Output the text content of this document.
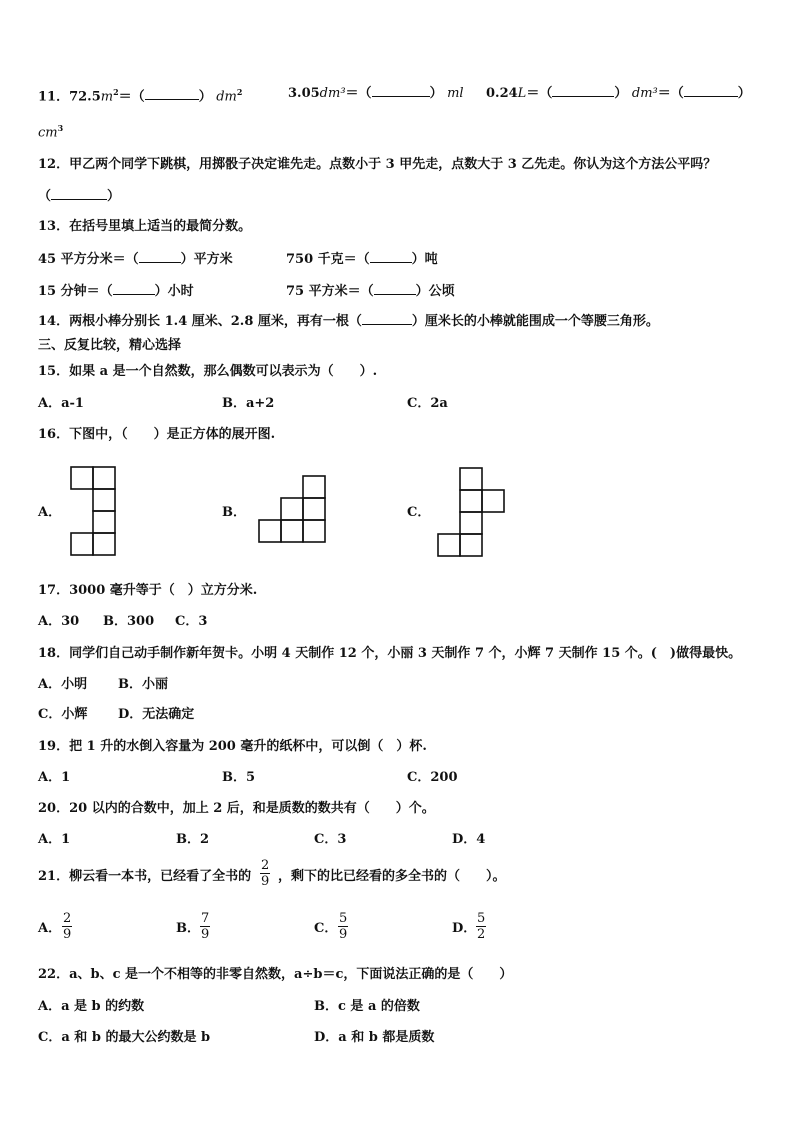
11．$72.5m^2=$（	） $dm^2$	3.05dm³＝（	） ml 0.24L＝（	） dm³＝（	）
$cm^3$
12．甲乙两个同学下跳棋，用掷骰子决定谁先走。点数小于 3 甲先走，点数大于 3 乙先走。你认为这个方法公平吗？
（	）
13．在括号里填上适当的最简分数。
45 平方分米＝（	）平方米	750 千克＝（	）吨
15 分钟＝（	）小时	75 平方米＝（	）公顷
14．两根小棒分别长 1.4 厘米、2.8 厘米，再有一根（	）厘米长的小棒就能围成一个等腰三角形。
三、反复比较，精心选择
15．如果 a 是一个自然数，那么偶数可以表示为（　　）.
A．a-1	B．a+2	C．2a
16．下图中，（　　）是正方体的展开图.
A．	B．	C．
17．3000 毫升等于（　）立方分米.
A．30 B．300 C．3
18．同学们自己动手制作新年贺卡。小明 4 天制作 12 个，小丽 3 天制作 7 个，小辉 7 天制作 15 个。(　)做得最快。
A．小明 B．小丽
C．小辉 D．无法确定
19．把 1 升的水倒入容量为 200 毫升的纸杯中，可以倒（　）杯.
A．1	B．5	C．200
20．20 以内的合数中，加上 2 后，和是质数的数共有（　　）个。
A．1	B．2	C．3	D．4
21．柳云看一本书，已经看了全书的 $\frac{2}{9}$ ，剩下的比已经看的多全书的（　　）。
A． $\frac{2}{9}$	B． $\frac{7}{9}$	C． $\frac{5}{9}$	D． $\frac{5}{2}$
22．a、b、c 是一个不相等的非零自然数，a÷b＝c，下面说法正确的是（　　）
A．a 是 b 的约数	B．c 是 a 的倍数
C．a 和 b 的最大公约数是 b	D．a 和 b 都是质数
